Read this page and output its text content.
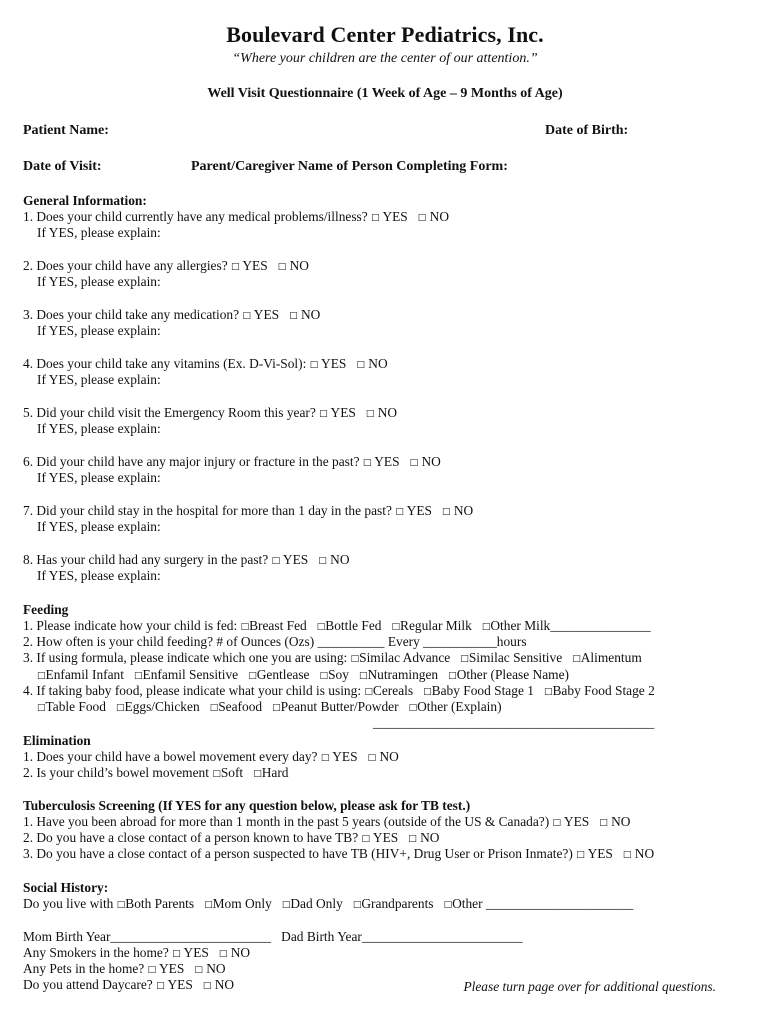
Boulevard Center Pediatrics, Inc.
“Where your children are the center of our attention.”
Well Visit Questionnaire (1 Week of Age – 9 Months of Age)
Patient Name:	Date of Birth:
Date of Visit:	Parent/Caregiver Name of Person Completing Form:
General Information:
1. Does your child currently have any medical problems/illness? □ YES   □ NO
If YES, please explain:
2. Does your child have any allergies? □ YES   □ NO
If YES, please explain:
3. Does your child take any medication? □ YES   □ NO
If YES, please explain:
4. Does your child take any vitamins (Ex. D-Vi-Sol): □ YES   □ NO
If YES, please explain:
5. Did your child visit the Emergency Room this year? □ YES   □ NO
If YES, please explain:
6. Did your child have any major injury or fracture in the past? □ YES   □ NO
If YES, please explain:
7. Did your child stay in the hospital for more than 1 day in the past? □ YES   □ NO
If YES, please explain:
8. Has your child had any surgery in the past? □ YES   □ NO
If YES, please explain:
Feeding
1. Please indicate how your child is fed: □Breast Fed □Bottle Fed □Regular Milk □Other Milk_______________
2. How often is your child feeding? # of Ounces (Ozs) __________ Every ___________hours
3. If using formula, please indicate which one you are using: □Similac Advance □Similac Sensitive □Alimentum
□Enfamil Infant □Enfamil Sensitive □Gentlease □Soy □Nutramingen □Other (Please Name)
4. If taking baby food, please indicate what your child is using: □Cereals □Baby Food Stage 1 □Baby Food Stage 2
□Table Food □Eggs/Chicken □Seafood □Peanut Butter/Powder □Other (Explain)
__________________________________________
Elimination
1. Does your child have a bowel movement every day? □ YES   □ NO
2. Is your child’s bowel movement □Soft □Hard
Tuberculosis Screening (If YES for any question below, please ask for TB test.)
1. Have you been abroad for more than 1 month in the past 5 years (outside of the US & Canada?) □ YES   □ NO
2. Do you have a close contact of a person known to have TB? □ YES   □ NO
3. Do you have a close contact of a person suspected to have TB (HIV+, Drug User or Prison Inmate?) □ YES   □ NO
Social History:
Do you live with □Both Parents □Mom Only □Dad Only □Grandparents □Other ______________________
Mom Birth Year________________________ Dad Birth Year________________________
Any Smokers in the home? □ YES   □ NO
Any Pets in the home? □ YES   □ NO
Do you attend Daycare? □ YES   □ NO	Please turn page over for additional questions.
